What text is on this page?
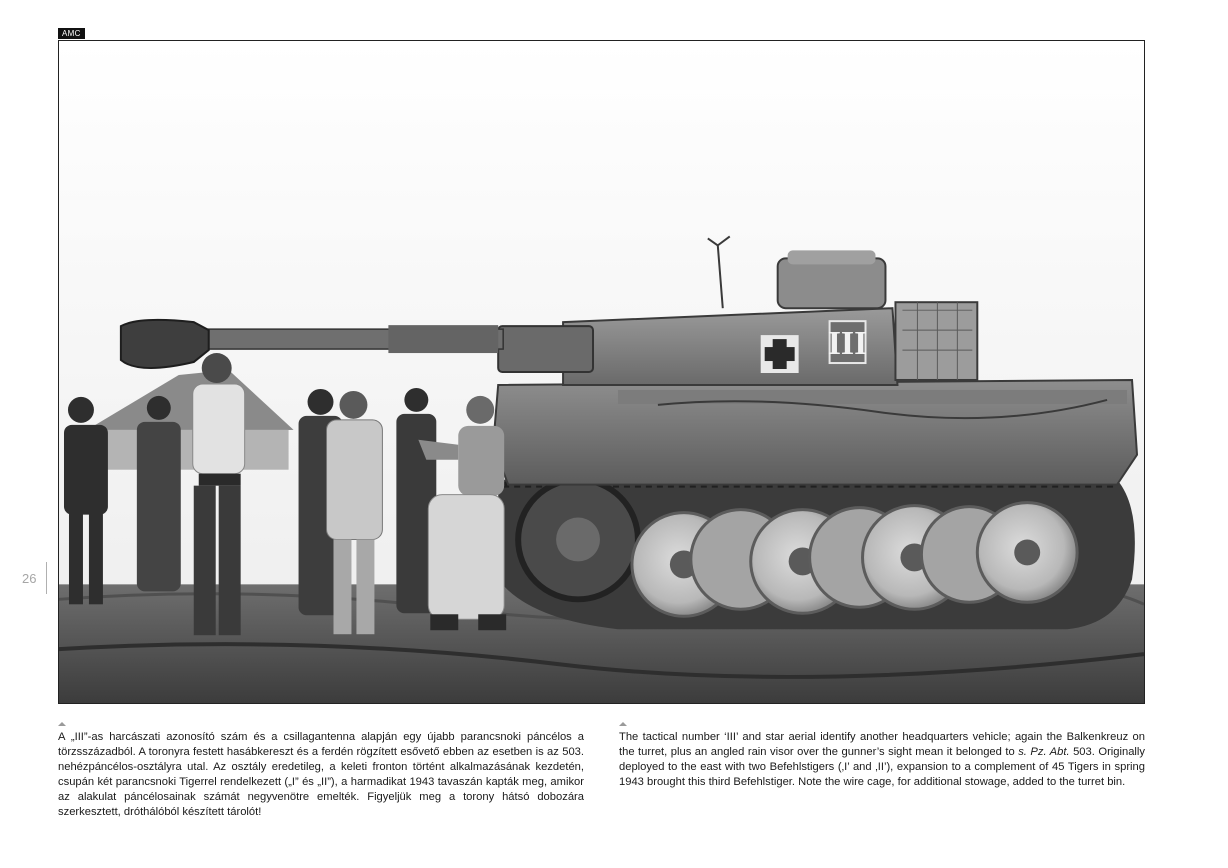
AMC
III
26

A „III”-as harcászati azonosító szám és a csillagantenna alapján egy újabb parancsnoki páncélos a törzsszázadból. A toronyra festett hasábkereszt és a ferdén rögzített esővető ebben az esetben is az 503. nehézpáncélos-osztályra utal. Az osztály eredetileg, a keleti fronton történt alkalmazásának kezdetén, csupán két parancsnoki Tigerrel rendelkezett („I” és „II”), a harmadikat 1943 tavaszán kapták meg, amikor az alakulat páncélosainak számát negyvenötre emelték. Figyeljük meg a torony hátsó dobozára szerkesztett, dróthálóból készített tárolót!

The tactical number ‘III’ and star aerial identify another headquarters vehicle; again the Balkenkreuz on the turret, plus an angled rain visor over the gunner’s sight mean it belonged to s. Pz. Abt. 503. Originally deployed to the east with two Befehlstigers (‚I’ and ‚II’), expansion to a complement of 45 Tigers in spring 1943 brought this third Befehlstiger. Note the wire cage, for additional stowage, added to the turret bin.
